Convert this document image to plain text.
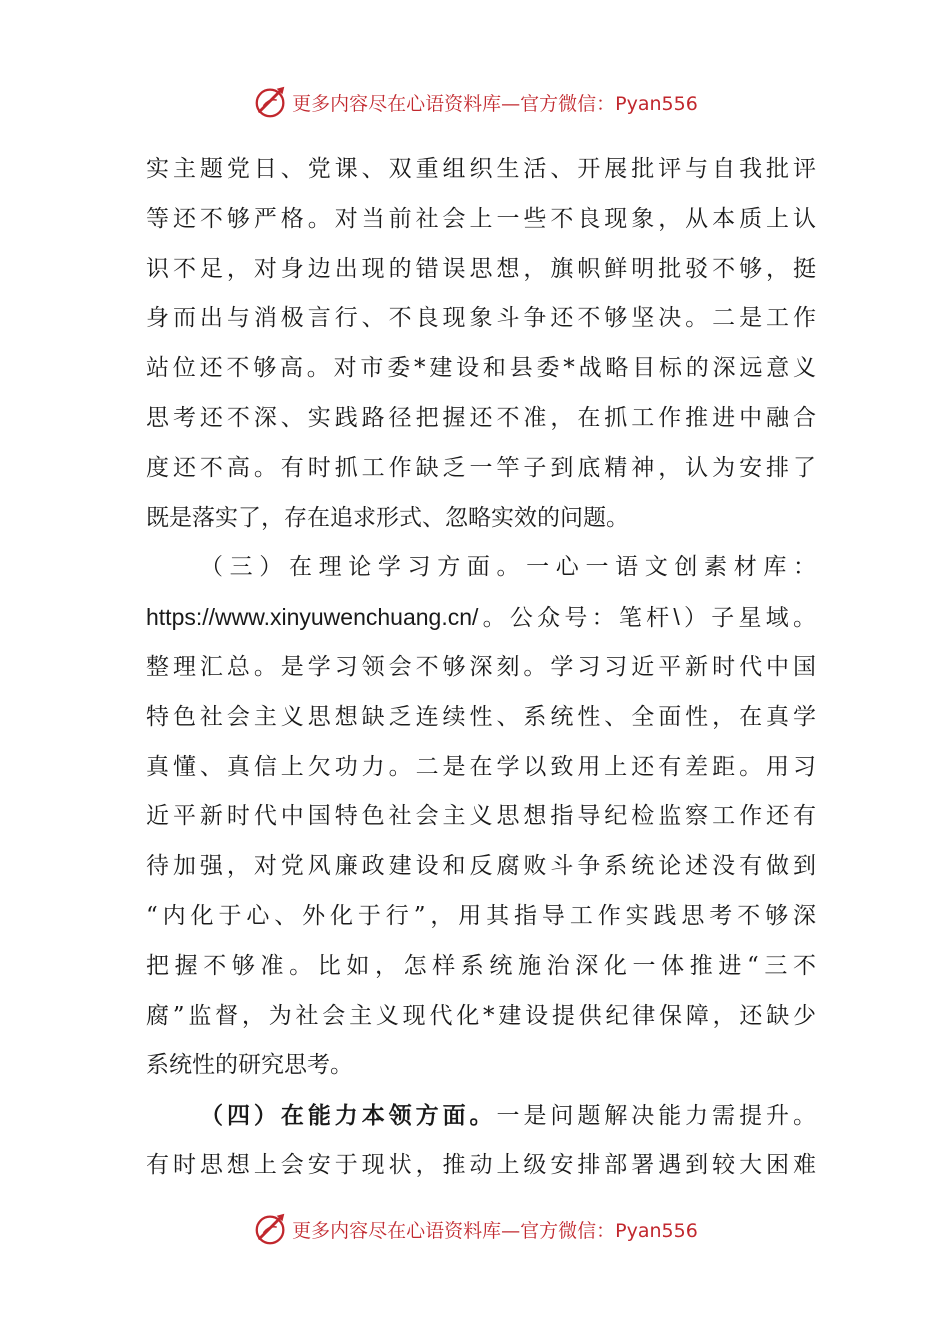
更多内容尽在心语资料库—官方微信：Pyan556
实主题党日、党课、双重组织生活、开展批评与自我批评
等还不够严格。对当前社会上一些不良现象，从本质上认
识不足，对身边出现的错误思想，旗帜鲜明批驳不够，挺
身而出与消极言行、不良现象斗争还不够坚决。二是工作
站位还不够高。对市委*建设和县委*战略目标的深远意义
思考还不深、实践路径把握还不准，在抓工作推进中融合
度还不高。有时抓工作缺乏一竿子到底精神，认为安排了
既是落实了，存在追求形式、忽略实效的问题。
（三）在理论学习方面。一心一语文创素材库：
https://www.xinyuwenchuang.cn/。公众号：笔杆\）子星域。
整理汇总。是学习领会不够深刻。学习习近平新时代中国
特色社会主义思想缺乏连续性、系统性、全面性，在真学
真懂、真信上欠功力。二是在学以致用上还有差距。用习
近平新时代中国特色社会主义思想指导纪检监察工作还有
待加强，对党风廉政建设和反腐败斗争系统论述没有做到
“内化于心、外化于行”，用其指导工作实践思考不够深
把握不够准。比如，怎样系统施治深化一体推进“三不
腐”监督，为社会主义现代化*建设提供纪律保障，还缺少
系统性的研究思考。
（四）在能力本领方面。一是问题解决能力需提升。
有时思想上会安于现状，推动上级安排部署遇到较大困难
更多内容尽在心语资料库—官方微信：Pyan556
